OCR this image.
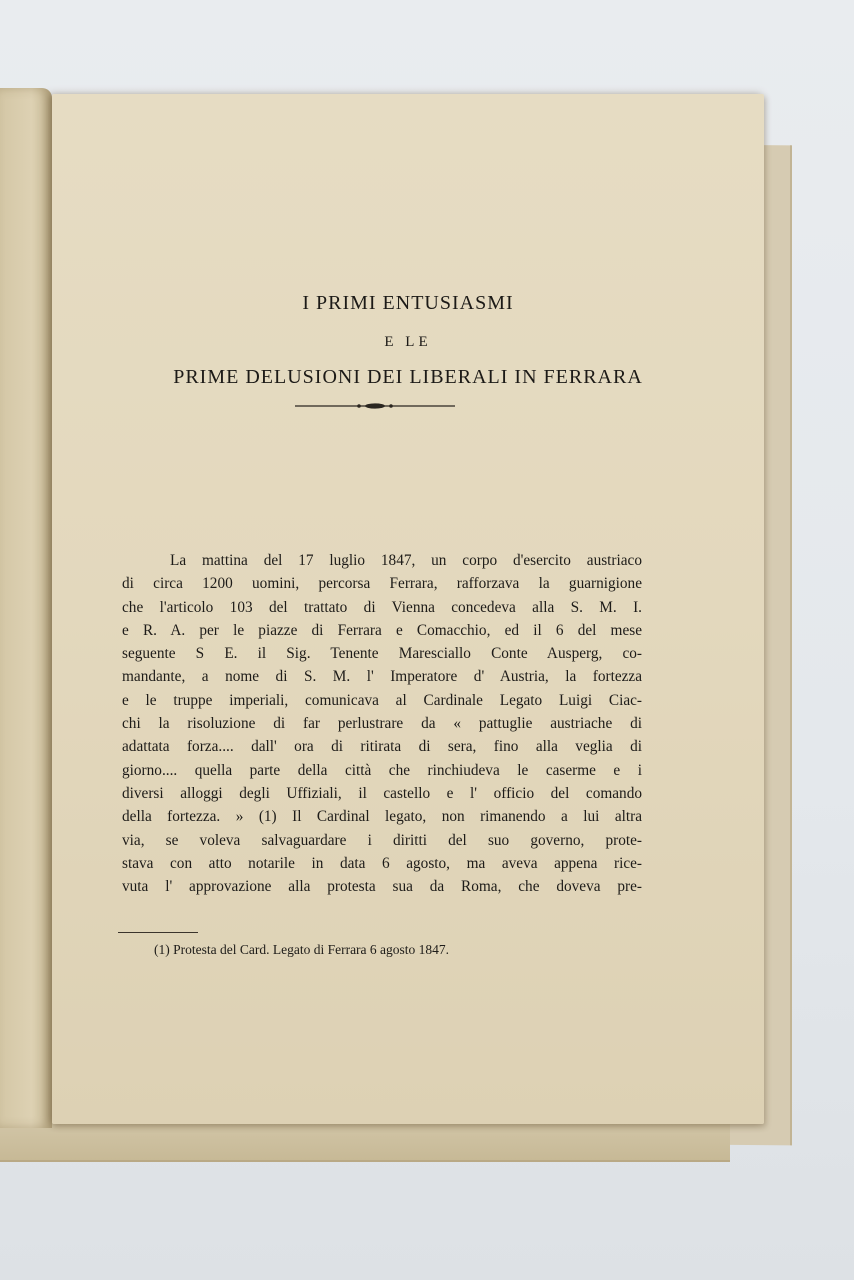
I PRIMI ENTUSIASMI
E LE
PRIME DELUSIONI DEI LIBERALI IN FERRARA
La mattina del 17 luglio 1847, un corpo d'esercito austriaco
di circa 1200 uomini, percorsa Ferrara, rafforzava la guarnigione
che l'articolo 103 del trattato di Vienna concedeva alla S. M. I.
e R. A. per le piazze di Ferrara e Comacchio, ed il 6 del mese
seguente S E. il Sig. Tenente Maresciallo Conte Ausperg, co-
mandante, a nome di S. M. l' Imperatore d' Austria, la fortezza
e le truppe imperiali, comunicava al Cardinale Legato Luigi Ciac-
chi la risoluzione di far perlustrare da « pattuglie austriache di
adattata forza.... dall' ora di ritirata di sera, fino alla veglia di
giorno.... quella parte della città che rinchiudeva le caserme e i
diversi alloggi degli Uffiziali, il castello e l' officio del comando
della fortezza. » (1) Il Cardinal legato, non rimanendo a lui altra
via, se voleva salvaguardare i diritti del suo governo, prote-
stava con atto notarile in data 6 agosto, ma aveva appena rice-
vuta l' approvazione alla protesta sua da Roma, che doveva pre-
(1) Protesta del Card. Legato di Ferrara 6 agosto 1847.
